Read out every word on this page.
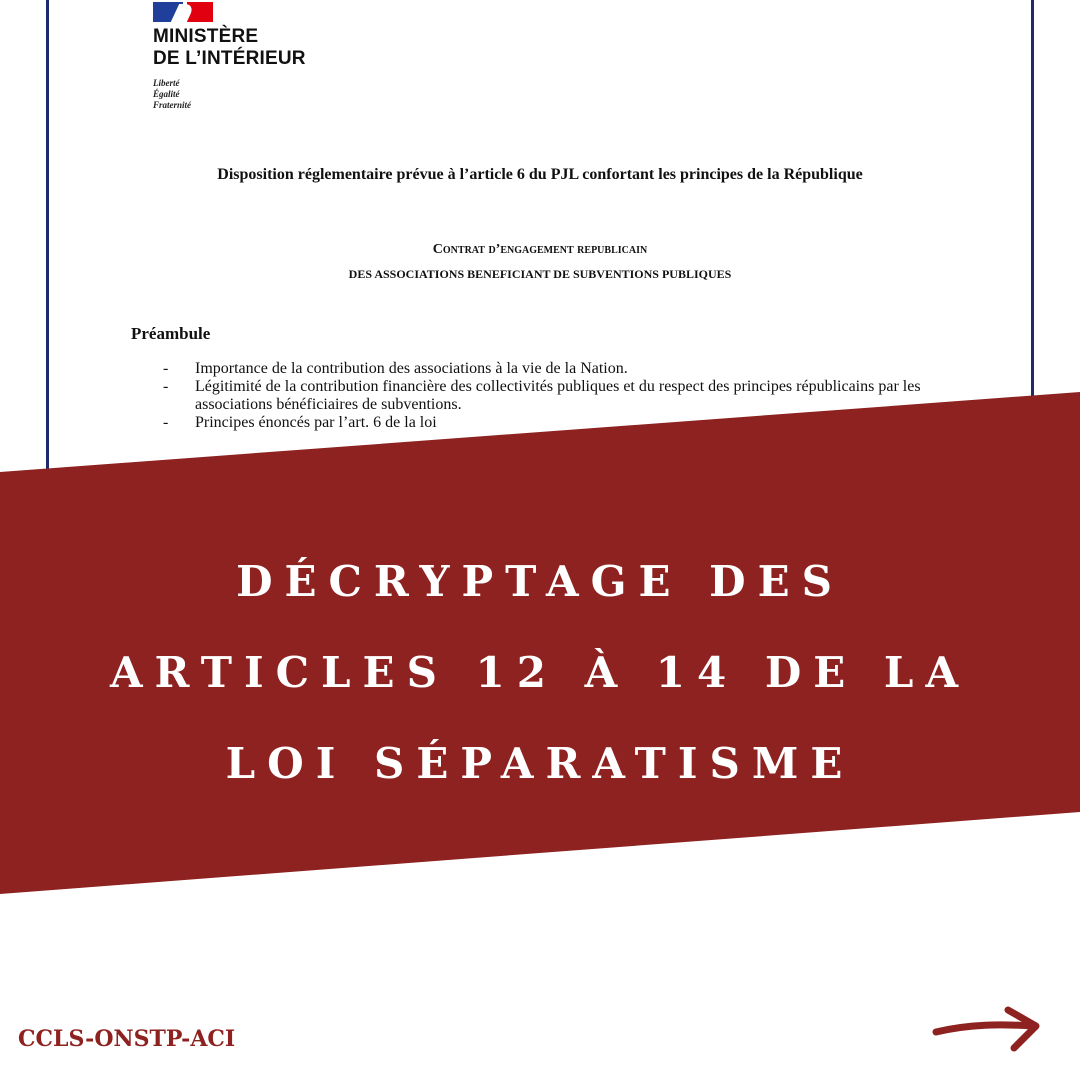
MINISTÈRE
DE L’INTÉRIEUR
Liberté
Égalité
Fraternité
Disposition réglementaire prévue à l’article 6 du PJL confortant les principes de la République
Contrat d’engagement republicain
DES ASSOCIATIONS BENEFICIANT DE SUBVENTIONS PUBLIQUES
Préambule
- Importance de la contribution des associations à la vie de la Nation.
- Légitimité de la contribution financière des collectivités publiques et du respect des principes républicains par les associations bénéficiaires de subventions.
- Principes énoncés par l’art. 6 de la loi
DÉCRYPTAGE DES
ARTICLES 12 À 14 DE LA
LOI SÉPARATISME
CCLS-ONSTP-ACI
